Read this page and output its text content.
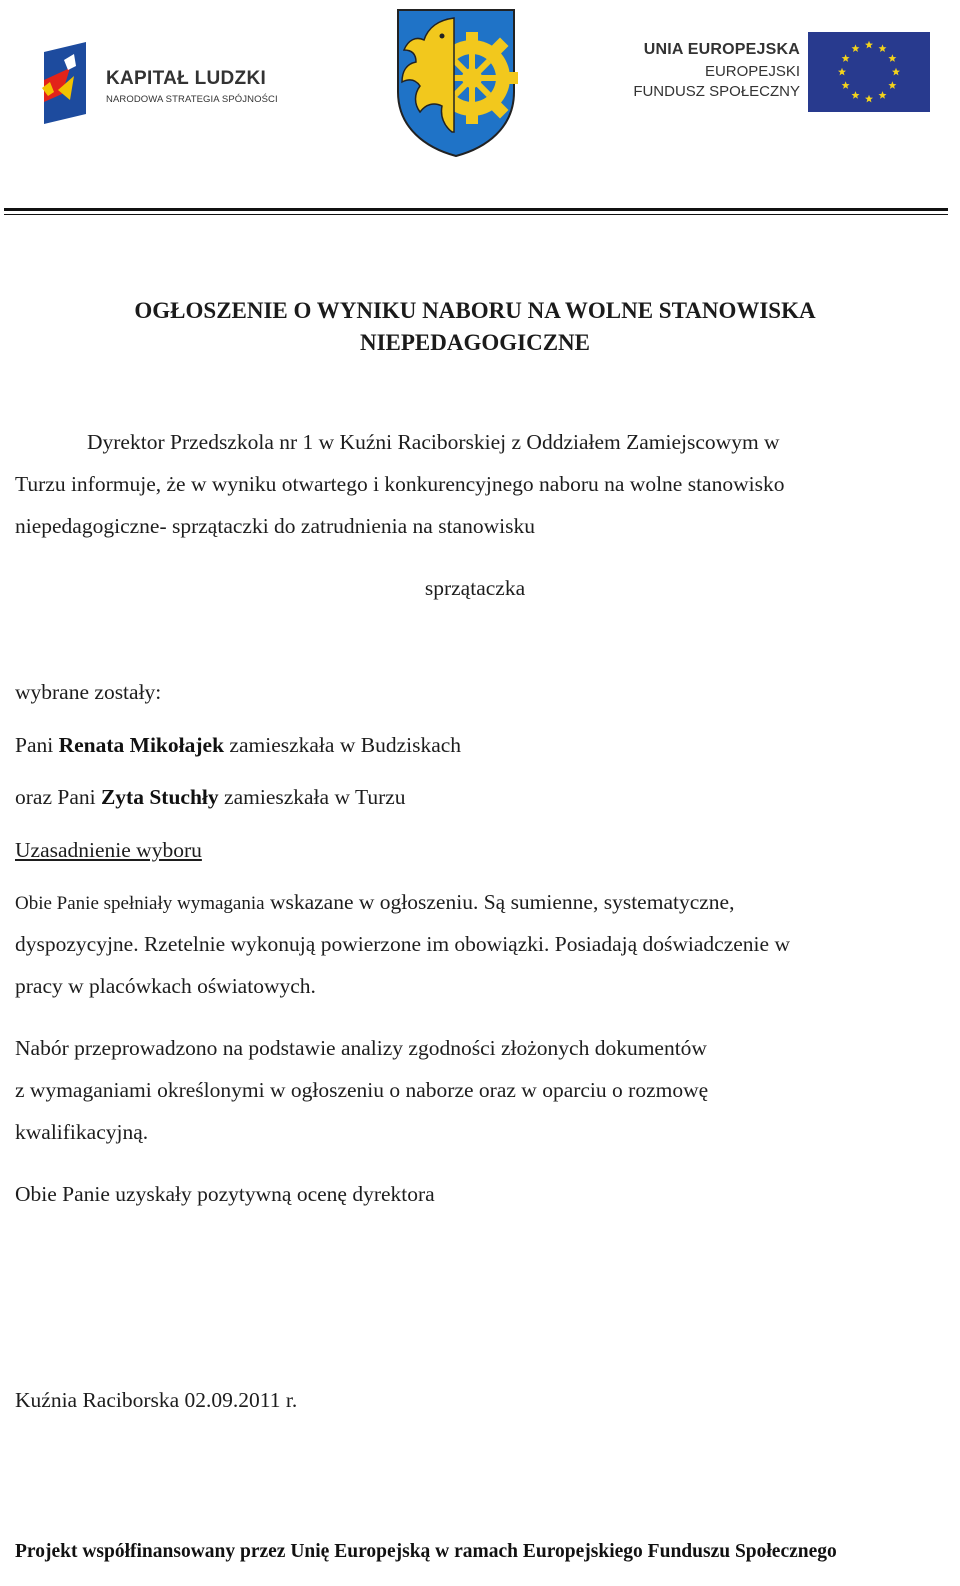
KAPITAŁ LUDZKI
NARODOWA STRATEGIA SPÓJNOŚCI
UNIA EUROPEJSKA
EUROPEJSKI
FUNDUSZ SPOŁECZNY
OGŁOSZENIE O WYNIKU NABORU NA WOLNE STANOWISKA
NIEPEDAGOGICZNE
Dyrektor Przedszkola nr 1 w Kuźni Raciborskiej z Oddziałem Zamiejscowym w
Turzu informuje, że w wyniku otwartego i konkurencyjnego naboru na wolne stanowisko
niepedagogiczne- sprzątaczki do zatrudnienia na stanowisku
sprzątaczka
wybrane zostały:
Pani Renata Mikołajek zamieszkała w Budziskach
oraz Pani Zyta Stuchły zamieszkała w Turzu
Uzasadnienie wyboru
Obie Panie spełniały wymagania wskazane w ogłoszeniu. Są sumienne, systematyczne,
dyspozycyjne. Rzetelnie wykonują powierzone im obowiązki. Posiadają doświadczenie w
pracy w placówkach oświatowych.
Nabór przeprowadzono na podstawie analizy zgodności złożonych dokumentów
z wymaganiami określonymi w ogłoszeniu o naborze oraz w oparciu o rozmowę
kwalifikacyjną.
Obie Panie uzyskały pozytywną ocenę dyrektora
Kuźnia Raciborska 02.09.2011 r.
Projekt współfinansowany przez Unię Europejską w ramach Europejskiego Funduszu Społecznego
